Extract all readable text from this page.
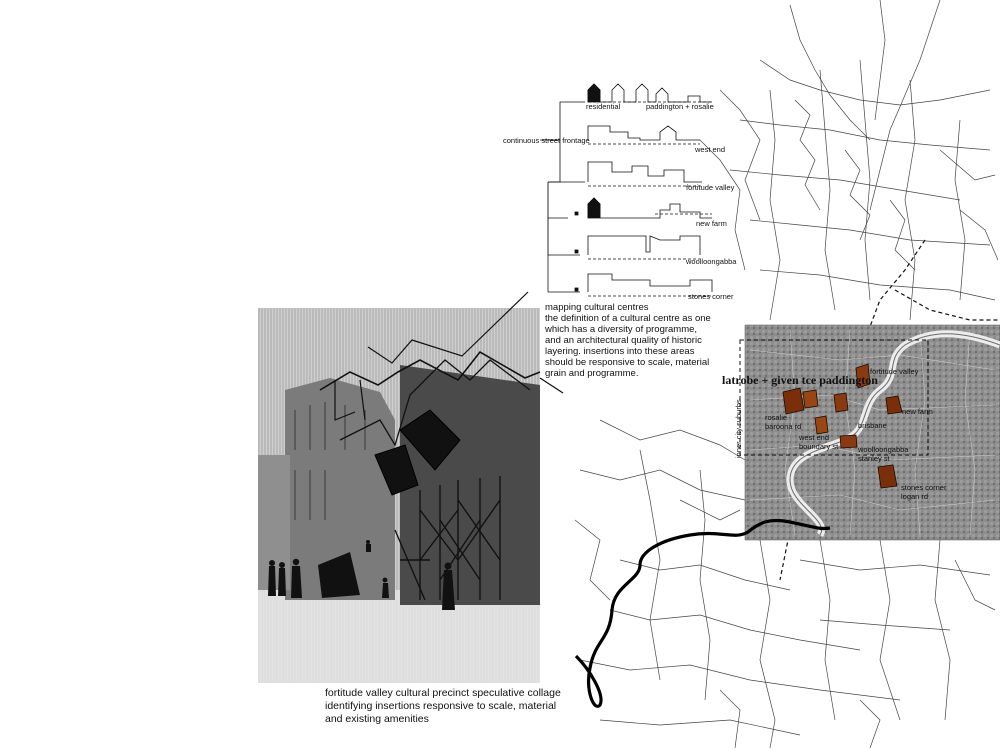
continuous street frontage
residential	paddington + rosalie
west end
fortitude valley
new farm
woolloongabba
stones corner
latrobe + given tce paddington
inner city suburbs
fortitude valley
new farm
rosalie
baroona rd	brisbane
west end
boundary st	woolloongabba
stanley st
stones corner
logan rd
mapping cultural centres
the definition of a cultural centre as one
which has a diversity of programme,
and an architectural quality of historic
layering. insertions into these areas
should be responsive to scale, material
grain and programme.
fortitude valley cultural precinct speculative collage
identifying insertions responsive to scale, material
and existing amenities
